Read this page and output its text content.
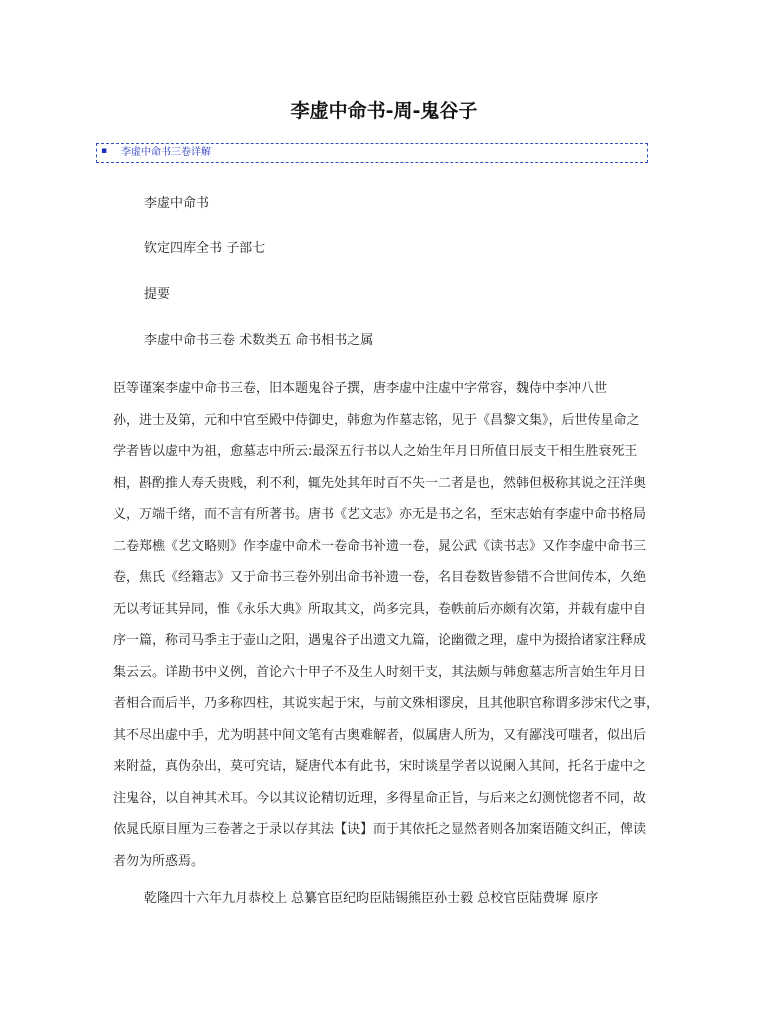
李虚中命书-周-鬼谷子
▪ 李虚中命书三卷详解
李虚中命书
钦定四库全书 子部七
提要
李虚中命书三卷 术数类五 命书相书之属
臣等谨案李虚中命书三卷，旧本题鬼谷子撰，唐李虚中注虚中字常容，魏侍中李冲八世
孙，进士及第，元和中官至殿中侍御史，韩愈为作墓志铭，见于《昌黎文集》，后世传星命之
学者皆以虚中为祖，愈墓志中所云:最深五行书以人之始生年月日所值日辰支干相生胜衰死王
相，斟酌推人寿夭贵贱，利不利，辄先处其年时百不失一二者是也，然韩但极称其说之汪洋奥
义，万端千绪，而不言有所著书。唐书《艺文志》亦无是书之名，至宋志始有李虚中命书格局
二卷郑樵《艺文略则》作李虚中命术一卷命书补遗一卷，晁公武《读书志》又作李虚中命书三
卷，焦氏《经籍志》又于命书三卷外别出命书补遗一卷，名目卷数皆参错不合世间传本，久绝
无以考证其异同，惟《永乐大典》所取其文，尚多完具，卷帙前后亦颇有次第，并载有虚中自
序一篇，称司马季主于壶山之阳，遇鬼谷子出遗文九篇，论幽微之理，虚中为掇拾诸家注释成
集云云。详勘书中义例，首论六十甲子不及生人时刻干支，其法颇与韩愈墓志所言始生年月日
者相合而后半，乃多称四柱，其说实起于宋，与前文殊相谬戾，且其他职官称谓多涉宋代之事，
其不尽出虚中手，尤为明甚中间文笔有古奥难解者，似属唐人所为，又有鄙浅可嗤者，似出后
来附益，真伪杂出，莫可究诘，疑唐代本有此书，宋时谈星学者以说阑入其间，托名于虚中之
注鬼谷，以自神其术耳。今以其议论精切近理，多得星命正旨，与后来之幻测恍惚者不同，故
依晁氏原目厘为三卷著之于录以存其法【诀】而于其依托之显然者则各加案语随文纠正，俾读
者勿为所惑焉。
乾隆四十六年九月恭校上 总纂官臣纪昀臣陆锡熊臣孙士毅 总校官臣陆费墀 原序
